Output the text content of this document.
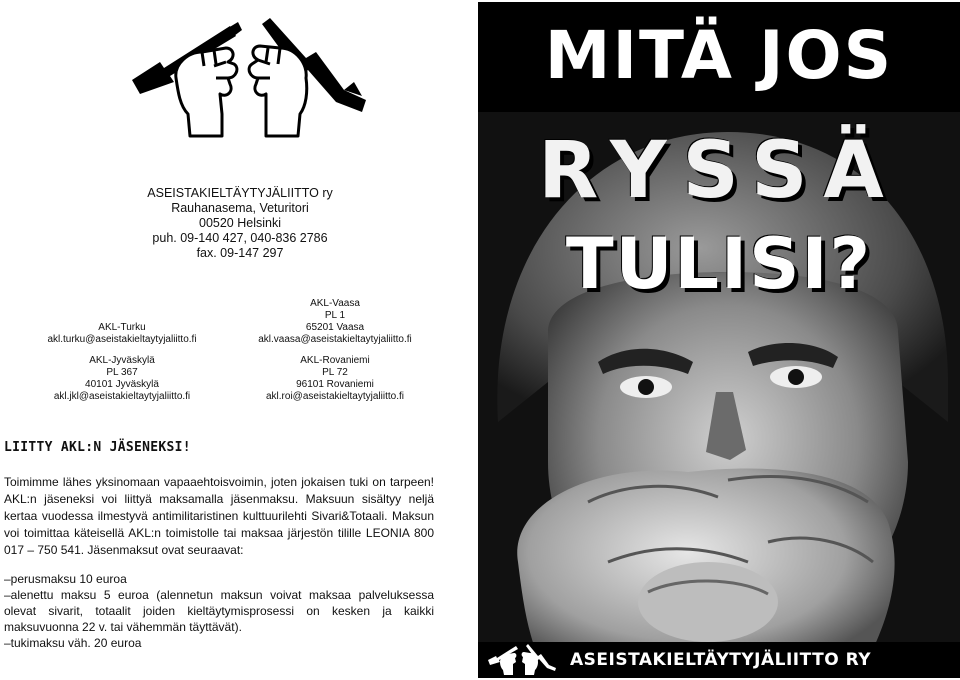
ASEISTAKIELTÄYTYJÄLIITTO ry
Rauhanasema, Veturitori
00520 Helsinki
puh. 09-140 427, 040-836 2786
fax. 09-147 297
AKL-Vaasa
PL 1
65201 Vaasa
akl.vaasa@aseistakieltaytyjaliitto.fi
AKL-Turku
akl.turku@aseistakieltaytyjaliitto.fi
AKL-Jyväskylä
PL 367
40101 Jyväskylä
akl.jkl@aseistakieltaytyjaliitto.fi
AKL-Rovaniemi
PL 72
96101 Rovaniemi
akl.roi@aseistakieltaytyjaliitto.fi
LIITTY AKL:N JÄSENEKSI!

Toimimme lähes yksinomaan vapaaehtoisvoimin, joten jokaisen tuki on tarpeen! AKL:n jäseneksi voi liittyä maksamalla jäsenmaksu. Maksuun sisältyy neljä kertaa vuodessa ilmestyvä antimilitaristinen kulttuurilehti Sivari&Totaali. Maksun voi toimittaa käteisellä AKL:n toimistolle tai maksaa järjestön tilille LEONIA 800 017 – 750 541. Jäsenmaksut ovat seuraavat:

–perusmaksu 10 euroa
–alenettu maksu 5 euroa (alennetun maksun voivat maksaa palveluksessa olevat sivarit, totaalit joiden kieltäytymisprosessi on kesken ja kaikki maksuvuonna 22 v. tai vähemmän täyttävät).
–tukimaksu väh. 20 euroa
MITÄ JOS
RYSSÄ
TULISI?
ASEISTAKIELTÄYTYJÄLIITTO RY
